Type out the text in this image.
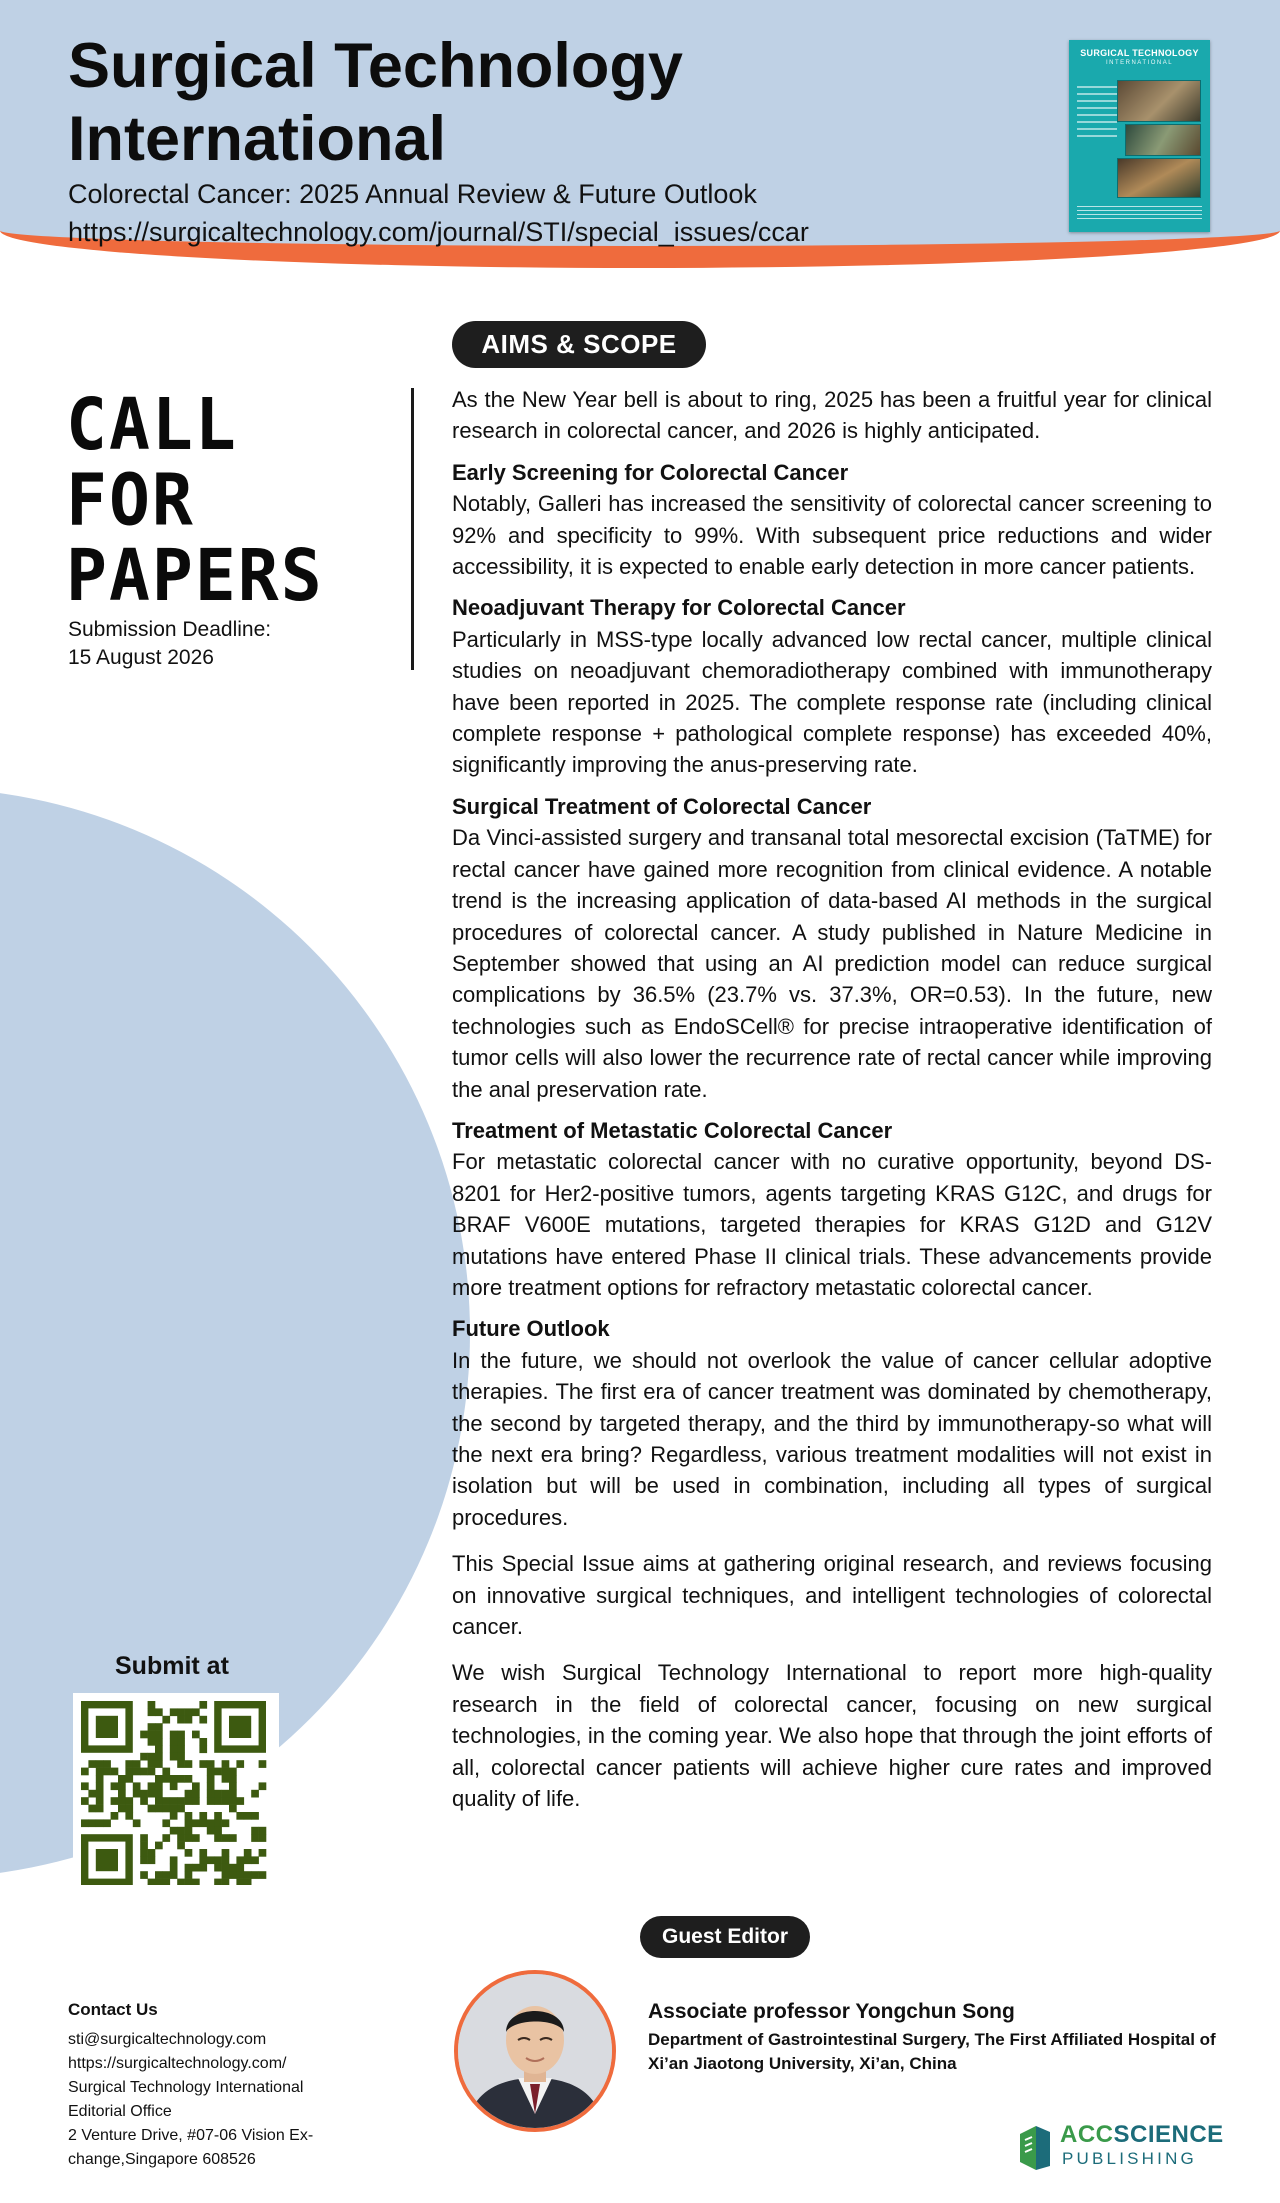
Surgical Technology International
Colorectal Cancer: 2025 Annual Review & Future Outlook
https://surgicaltechnology.com/journal/STI/special_issues/ccar
SURGICAL TECHNOLOGY
INTERNATIONAL
CALL
FOR
PAPERS
Submission Deadline:
15 August 2026
Submit at
Contact Us
sti@surgicaltechnology.com
https://surgicaltechnology.com/
Surgical Technology International
Editorial Office
2 Venture Drive, #07-06 Vision Ex-
change,Singapore 608526
AIMS & SCOPE

As the New Year bell is about to ring, 2025 has been a fruitful year for clinical research in colorectal cancer, and 2026 is highly anticipated.

Early Screening for Colorectal Cancer

Notably, Galleri has increased the sensitivity of colorectal cancer screening to 92% and specificity to 99%. With subsequent price reductions and wider accessibility, it is expected to enable early detection in more cancer patients.

Neoadjuvant Therapy for Colorectal Cancer

Particularly in MSS-type locally advanced low rectal cancer, multiple clinical studies on neoadjuvant chemoradiotherapy combined with immunotherapy have been reported in 2025. The complete response rate (including clinical complete response + pathological complete response) has exceeded 40%, significantly improving the anus-preserving rate.

Surgical Treatment of Colorectal Cancer

Da Vinci-assisted surgery and transanal total mesorectal excision (TaTME) for rectal cancer have gained more recognition from clinical evidence. A notable trend is the increasing application of data-based AI methods in the surgical procedures of colorectal cancer. A study published in Nature Medicine in September showed that using an AI prediction model can reduce surgical complications by 36.5% (23.7% vs. 37.3%, OR=0.53). In the future, new technologies such as EndoSCell® for precise intraoperative identification of tumor cells will also lower the recurrence rate of rectal cancer while improving the anal preservation rate.

Treatment of Metastatic Colorectal Cancer

For metastatic colorectal cancer with no curative opportunity, beyond DS-8201 for Her2-positive tumors, agents targeting KRAS G12C, and drugs for BRAF V600E mutations, targeted therapies for KRAS G12D and G12V mutations have entered Phase II clinical trials. These advancements provide more treatment options for refractory metastatic colorectal cancer.

Future Outlook

In the future, we should not overlook the value of cancer cellular adoptive therapies. The first era of cancer treatment was dominated by chemotherapy, the second by targeted therapy, and the third by immunotherapy-so what will the next era bring? Regardless, various treatment modalities will not exist in isolation but will be used in combination, including all types of surgical procedures.

This Special Issue aims at gathering original research, and reviews focusing on innovative surgical techniques, and intelligent technologies of colorectal cancer.

We wish Surgical Technology International to report more high-quality research in the field of colorectal cancer, focusing on new surgical technologies, in the coming year. We also hope that through the joint efforts of all, colorectal cancer patients will achieve higher cure rates and improved quality of life.

Guest Editor
Associate professor Yongchun Song
Department of Gastrointestinal Surgery, The First Affiliated Hospital of Xi’an Jiaotong University, Xi’an, China
ACCSCIENCE
PUBLISHING
